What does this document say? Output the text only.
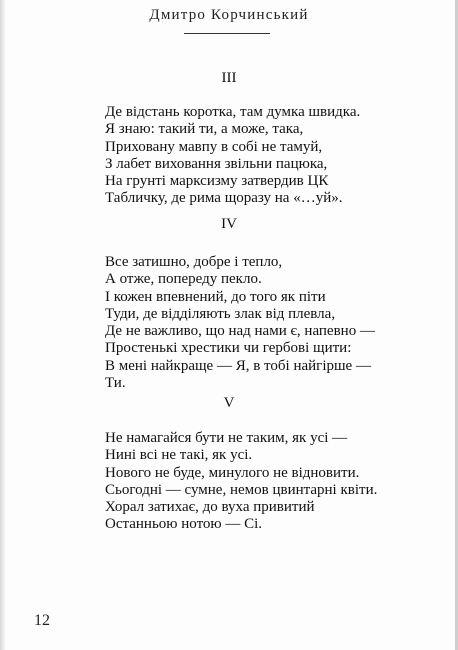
Дмитро Корчинський
III
Де відстань коротка, там думка швидка.
Я знаю: такий ти, а може, така,
Приховану мавпу в собі не тамуй,
З лабет виховання звільни пацюка,
На грунті марксизму затвердив ЦК
Табличку, де рима щоразу на «…уй».
IV
Все затишно, добре і тепло,
А отже, попереду пекло.
І кожен впевнений, до того як піти
Туди, де відділяють злак від плевла,
Де не важливо, що над нами є, напевно —
Простенькі хрестики чи гербові щити:
В мені найкраще — Я, в тобі найгірше —
Ти.
V
Не намагайся бути не таким, як усі —
Нині всі не такі, як усі.
Нового не буде, минулого не відновити.
Сьогодні — сумне, немов цвинтарні квіти.
Хорал затихає, до вуха привитий
Останньою нотою — Сі.
12
